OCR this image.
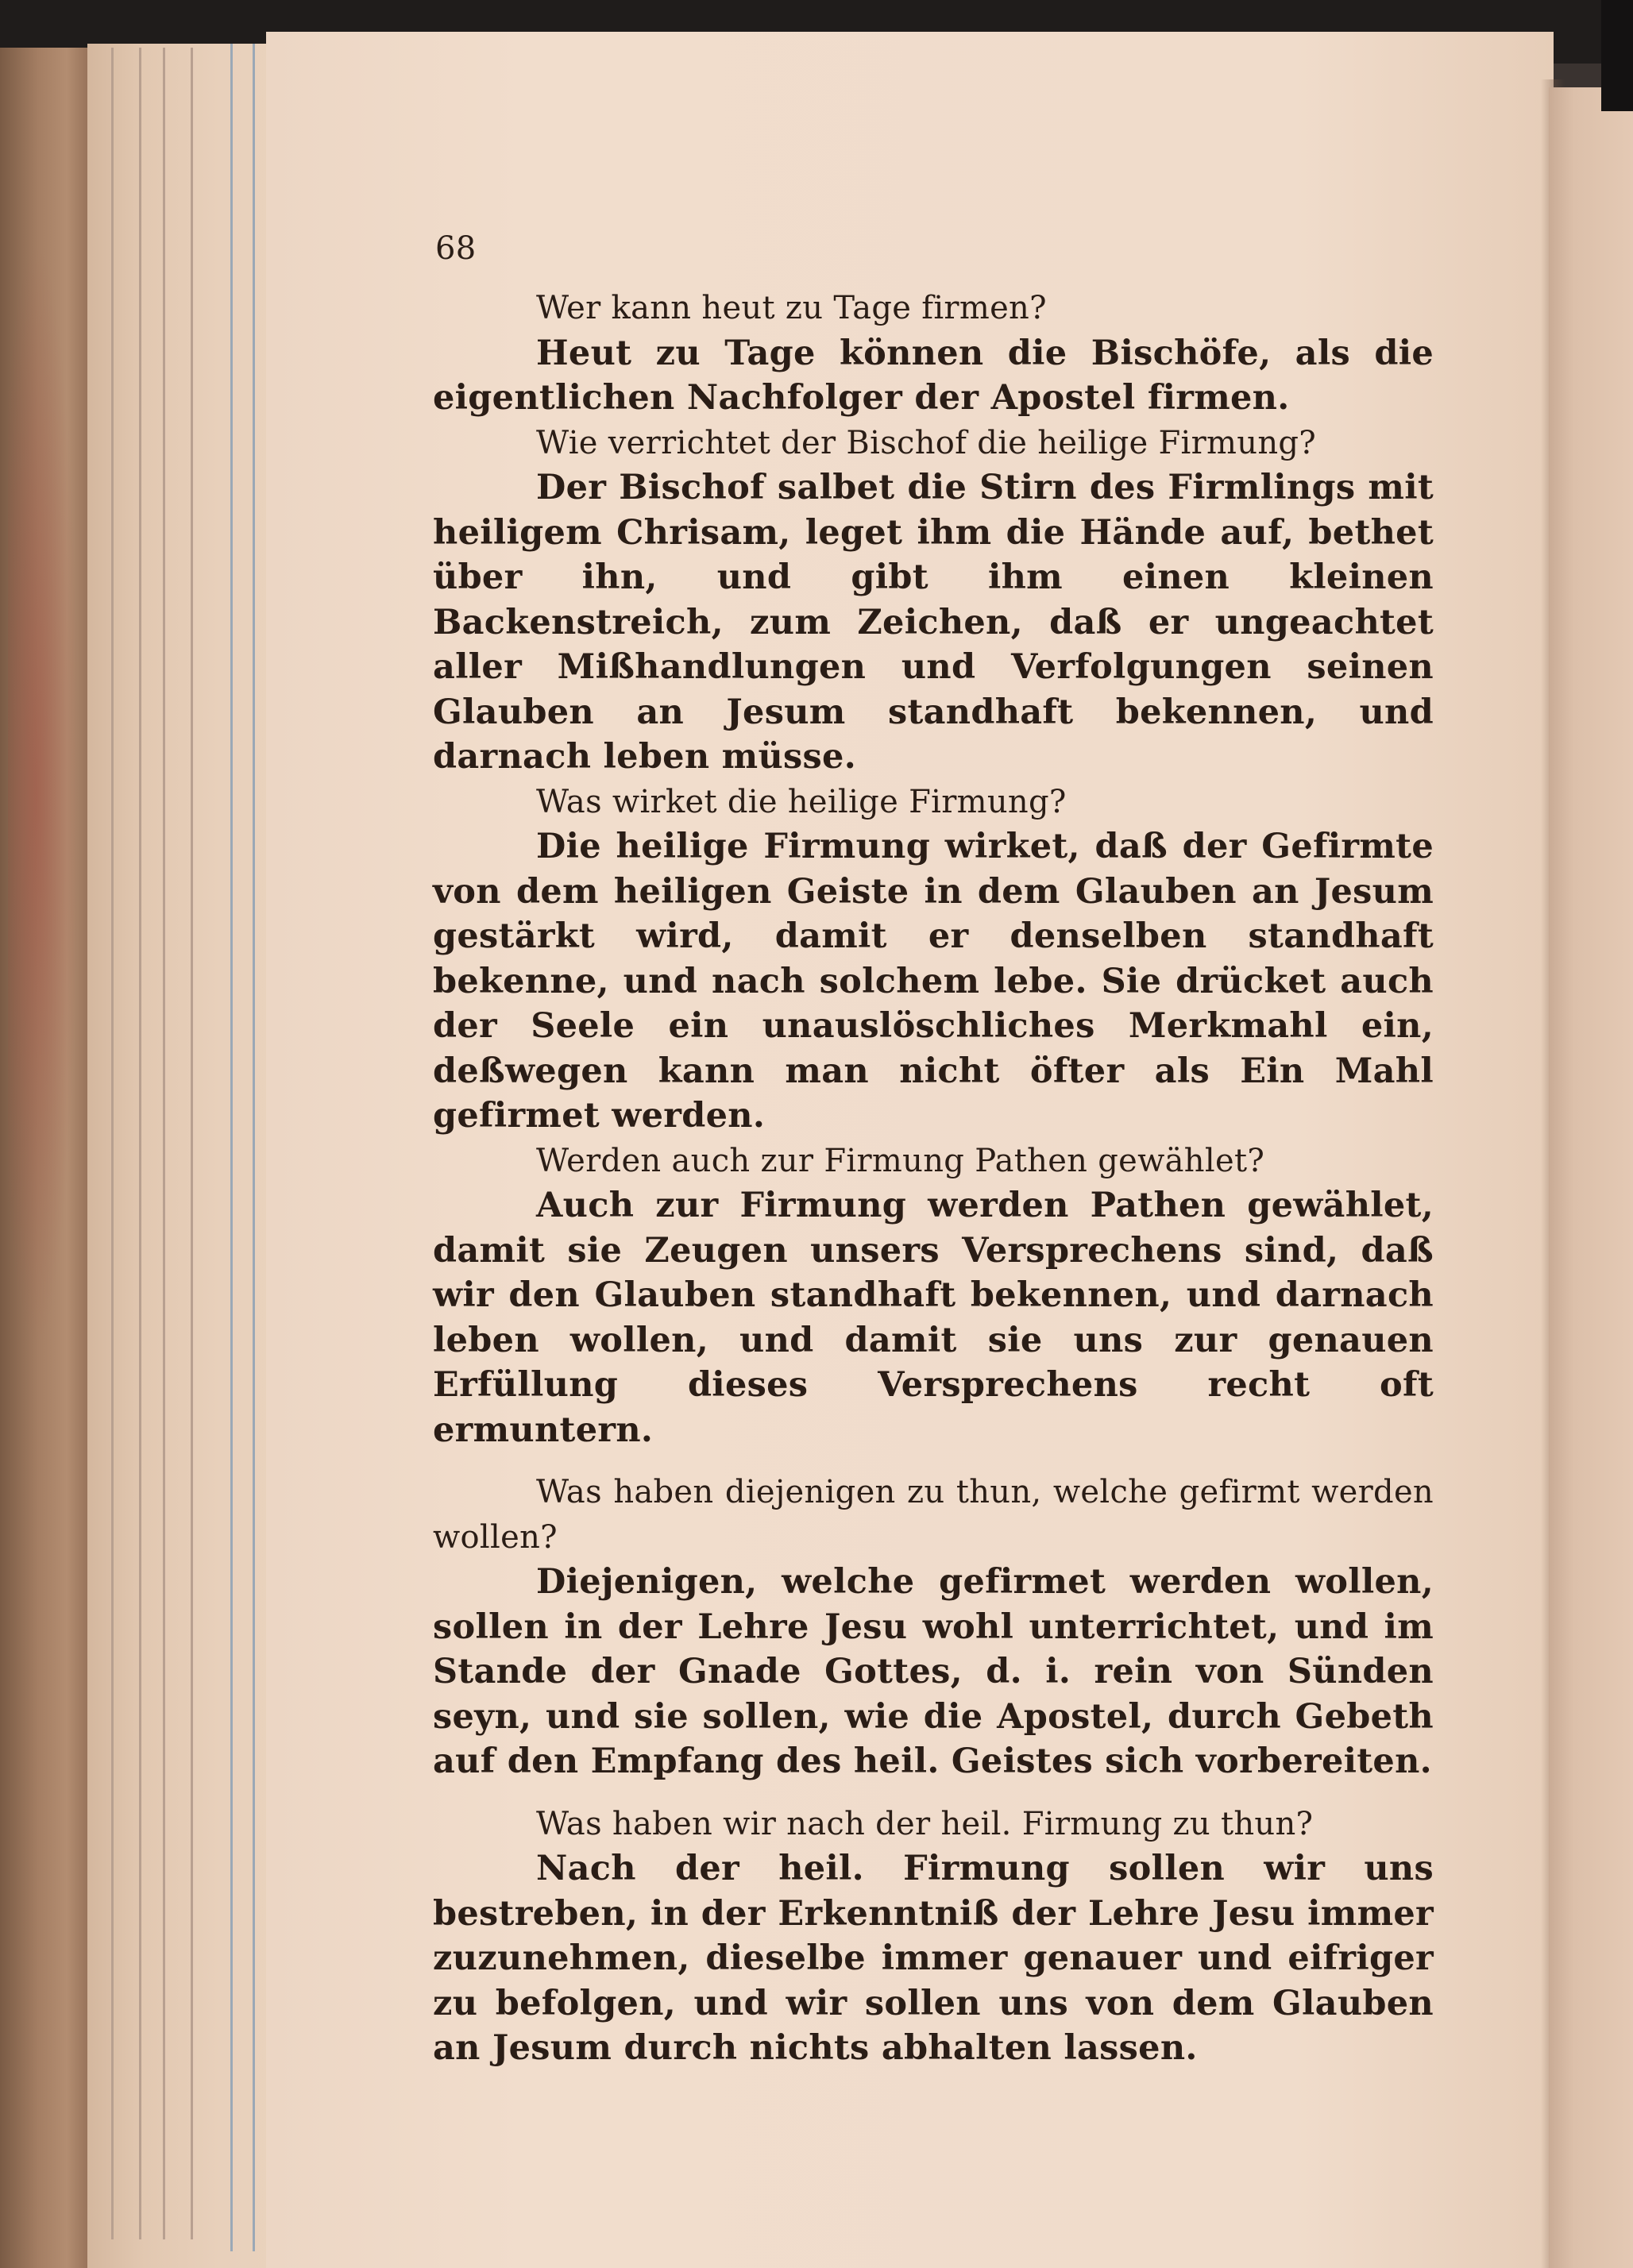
68

Wer kann heut zu Tage firmen?

Heut zu Tage können die Bischöfe, als die eigentlichen Nachfolger der Apostel firmen.

Wie verrichtet der Bischof die heilige Firmung?

Der Bischof salbet die Stirn des Firmlings mit heiligem Chrisam, leget ihm die Hände auf, bethet über ihn, und gibt ihm einen kleinen Backenstreich, zum Zeichen, daß er ungeachtet aller Mißhandlungen und Verfolgungen seinen Glauben an Jesum standhaft bekennen, und darnach leben müsse.

Was wirket die heilige Firmung?

Die heilige Firmung wirket, daß der Gefirmte von dem heiligen Geiste in dem Glauben an Jesum gestärkt wird, damit er denselben standhaft bekenne, und nach solchem lebe. Sie drücket auch der Seele ein unauslöschliches Merkmahl ein, deßwegen kann man nicht öfter als Ein Mahl gefirmet werden.

Werden auch zur Firmung Pathen gewählet?

Auch zur Firmung werden Pathen gewählet, damit sie Zeugen unsers Versprechens sind, daß wir den Glauben standhaft bekennen, und darnach leben wollen, und damit sie uns zur genauen Erfüllung dieses Versprechens recht oft ermuntern.

Was haben diejenigen zu thun, welche gefirmt werden wollen?

Diejenigen, welche gefirmet werden wollen, sollen in der Lehre Jesu wohl unterrichtet, und im Stande der Gnade Gottes, d. i. rein von Sünden seyn, und sie sollen, wie die Apostel, durch Gebeth auf den Empfang des heil. Geistes sich vorbereiten.

Was haben wir nach der heil. Firmung zu thun?

Nach der heil. Firmung sollen wir uns bestreben, in der Erkenntniß der Lehre Jesu immer zuzunehmen, dieselbe immer genauer und eifriger zu befolgen, und wir sollen uns von dem Glauben an Jesum durch nichts abhalten lassen.
